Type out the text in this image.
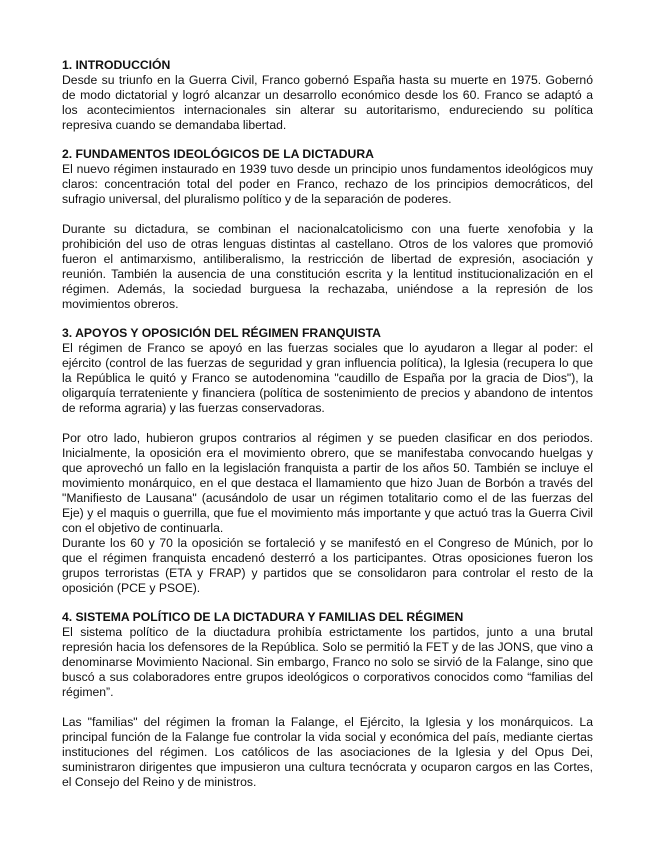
1. INTRODUCCIÓN

Desde su triunfo en la Guerra Civil, Franco gobernó España hasta su muerte en 1975. Gobernó de modo dictatorial y logró alcanzar un desarrollo económico desde los 60. Franco se adaptó a los acontecimientos internacionales sin alterar su autoritarismo, endureciendo su política represiva cuando se demandaba libertad.

2. FUNDAMENTOS IDEOLÓGICOS DE LA DICTADURA

El nuevo régimen instaurado en 1939 tuvo desde un principio unos fundamentos ideológicos muy claros: concentración total del poder en Franco, rechazo de los principios democráticos, del sufragio universal, del pluralismo político y de la separación de poderes.

Durante su dictadura, se combinan el nacionalcatolicismo con una fuerte xenofobia y la prohibición del uso de otras lenguas distintas al castellano. Otros de los valores que promovió fueron el antimarxismo, antiliberalismo, la restricción de libertad de expresión, asociación y reunión. También la ausencia de una constitución escrita y la lentitud institucionalización en el régimen. Además, la sociedad burguesa la rechazaba, uniéndose a la represión de los movimientos obreros.

3. APOYOS Y OPOSICIÓN DEL RÉGIMEN FRANQUISTA

El régimen de Franco se apoyó en las fuerzas sociales que lo ayudaron a llegar al poder: el ejército (control de las fuerzas de seguridad y gran influencia política), la Iglesia (recupera lo que la República le quitó y Franco se autodenomina "caudillo de España por la gracia de Dios"), la oligarquía terrateniente y financiera (política de sostenimiento de precios y abandono de intentos de reforma agraria) y las fuerzas conservadoras.

Por otro lado, hubieron grupos contrarios al régimen y se pueden clasificar en dos periodos. Inicialmente, la oposición era el movimiento obrero, que se manifestaba convocando huelgas y que aprovechó un fallo en la legislación franquista a partir de los años 50. También se incluye el movimiento monárquico, en el que destaca el llamamiento que hizo Juan de Borbón a través del "Manifiesto de Lausana" (acusándolo de usar un régimen totalitario como el de las fuerzas del Eje) y el maquis o guerrilla, que fue el movimiento más importante y que actuó tras la Guerra Civil con el objetivo de continuarla.

Durante los 60 y 70 la oposición se fortaleció y se manifestó en el Congreso de Múnich, por lo que el régimen franquista encadenó desterró a los participantes. Otras oposiciones fueron los grupos terroristas (ETA y FRAP) y partidos que se consolidaron para controlar el resto de la oposición (PCE y PSOE).

4. SISTEMA POLÍTICO DE LA DICTADURA Y FAMILIAS DEL RÉGIMEN

El sistema político de la diuctadura prohibía estrictamente los partidos, junto a una brutal represión hacia los defensores de la República. Solo se permitió la FET y de las JONS, que vino a denominarse Movimiento Nacional. Sin embargo, Franco no solo se sirvió de la Falange, sino que buscó a sus colaboradores entre grupos ideológicos o corporativos conocidos como “familias del régimen”.

Las "familias" del régimen la froman la Falange, el Ejército, la Iglesia y los monárquicos. La principal función de la Falange fue controlar la vida social y económica del país, mediante ciertas instituciones del régimen. Los católicos de las asociaciones de la Iglesia y del Opus Dei, suministraron dirigentes que impusieron una cultura tecnócrata y ocuparon cargos en las Cortes, el Consejo del Reino y de ministros.
